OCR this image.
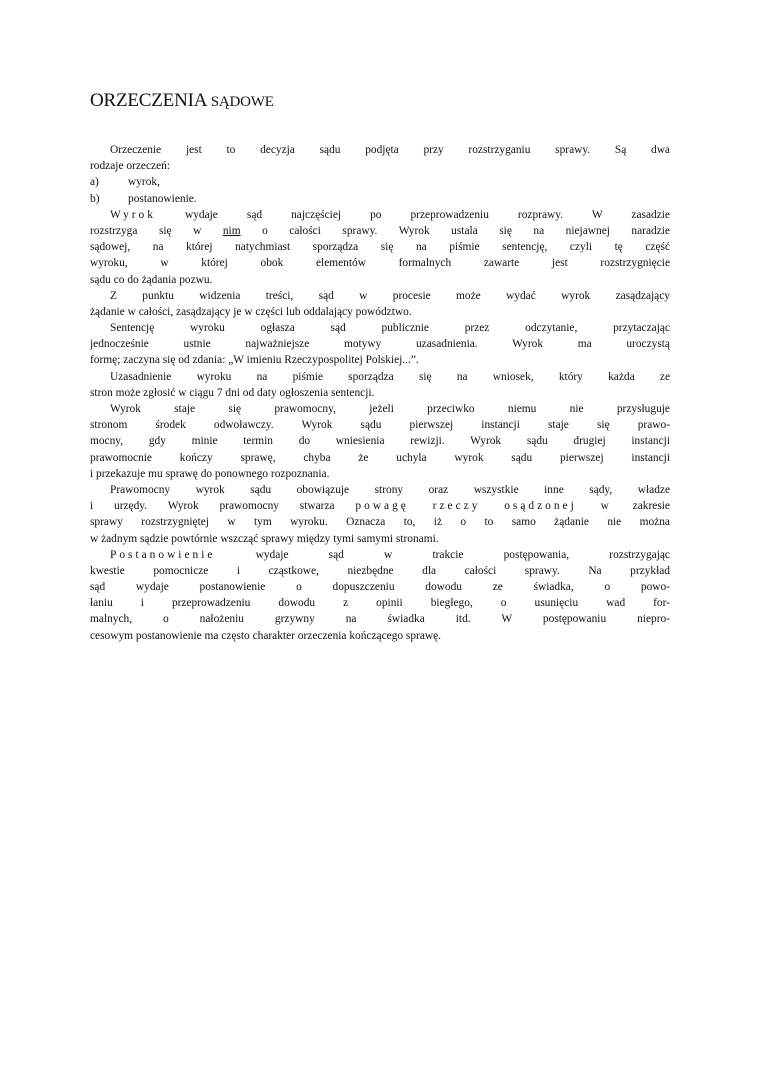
ORZECZENIA SĄDOWE
Orzeczenie jest to decyzja sądu podjęta przy rozstrzyganiu sprawy. Są dwa
rodzaje orzeczeń:
a)	wyrok,
b)	postanowienie.
Wyrok wydaje sąd najczęściej po przeprowadzeniu rozprawy. W zasadzie
rozstrzyga się w nim o całości sprawy. Wyrok ustala się na niejawnej naradzie
sądowej, na której natychmiast sporządza się na piśmie sentencję, czyli tę część
wyroku, w której obok elementów formalnych zawarte jest rozstrzygnięcie
sądu co do żądania pozwu.
Z punktu widzenia treści, sąd w procesie może wydać wyrok zasądzający
żądanie w całości, zasądzający je w części lub oddalający powództwo.
Sentencję wyroku ogłasza sąd publicznie przez odczytanie, przytaczając
jednocześnie ustnie najważniejsze motywy uzasadnienia. Wyrok ma uroczystą
formę; zaczyna się od zdania: „W imieniu Rzeczypospolitej Polskiej...”.
Uzasadnienie wyroku na piśmie sporządza się na wniosek, który każda ze
stron może zgłosić w ciągu 7 dni od daty ogłoszenia sentencji.
Wyrok staje się prawomocny, jeżeli przeciwko niemu nie przysługuje
stronom środek odwoławczy. Wyrok sądu pierwszej instancji staje się prawo-
mocny, gdy minie termin do wniesienia rewizji. Wyrok sądu drugiej instancji
prawomocnie kończy sprawę, chyba że uchyla wyrok sądu pierwszej instancji
i przekazuje mu sprawę do ponownego rozpoznania.
Prawomocny wyrok sądu obowiązuje strony oraz wszystkie inne sądy, władze
i urzędy. Wyrok prawomocny stwarza powagę rzeczy osądzonej w zakresie
sprawy rozstrzygniętej w tym wyroku. Oznacza to, iż o to samo żądanie nie można
w żadnym sądzie powtórnie wszcząć sprawy między tymi samymi stronami.
Postanowienie wydaje sąd w trakcie postępowania, rozstrzygając
kwestie pomocnicze i cząstkowe, niezbędne dla całości sprawy. Na przykład
sąd wydaje postanowienie o dopuszczeniu dowodu ze świadka, o powo-
łaniu i przeprowadzeniu dowodu z opinii biegłego, o usunięciu wad for-
malnych, o nałożeniu grzywny na świadka itd. W postępowaniu niepro-
cesowym postanowienie ma często charakter orzeczenia kończącego sprawę.
